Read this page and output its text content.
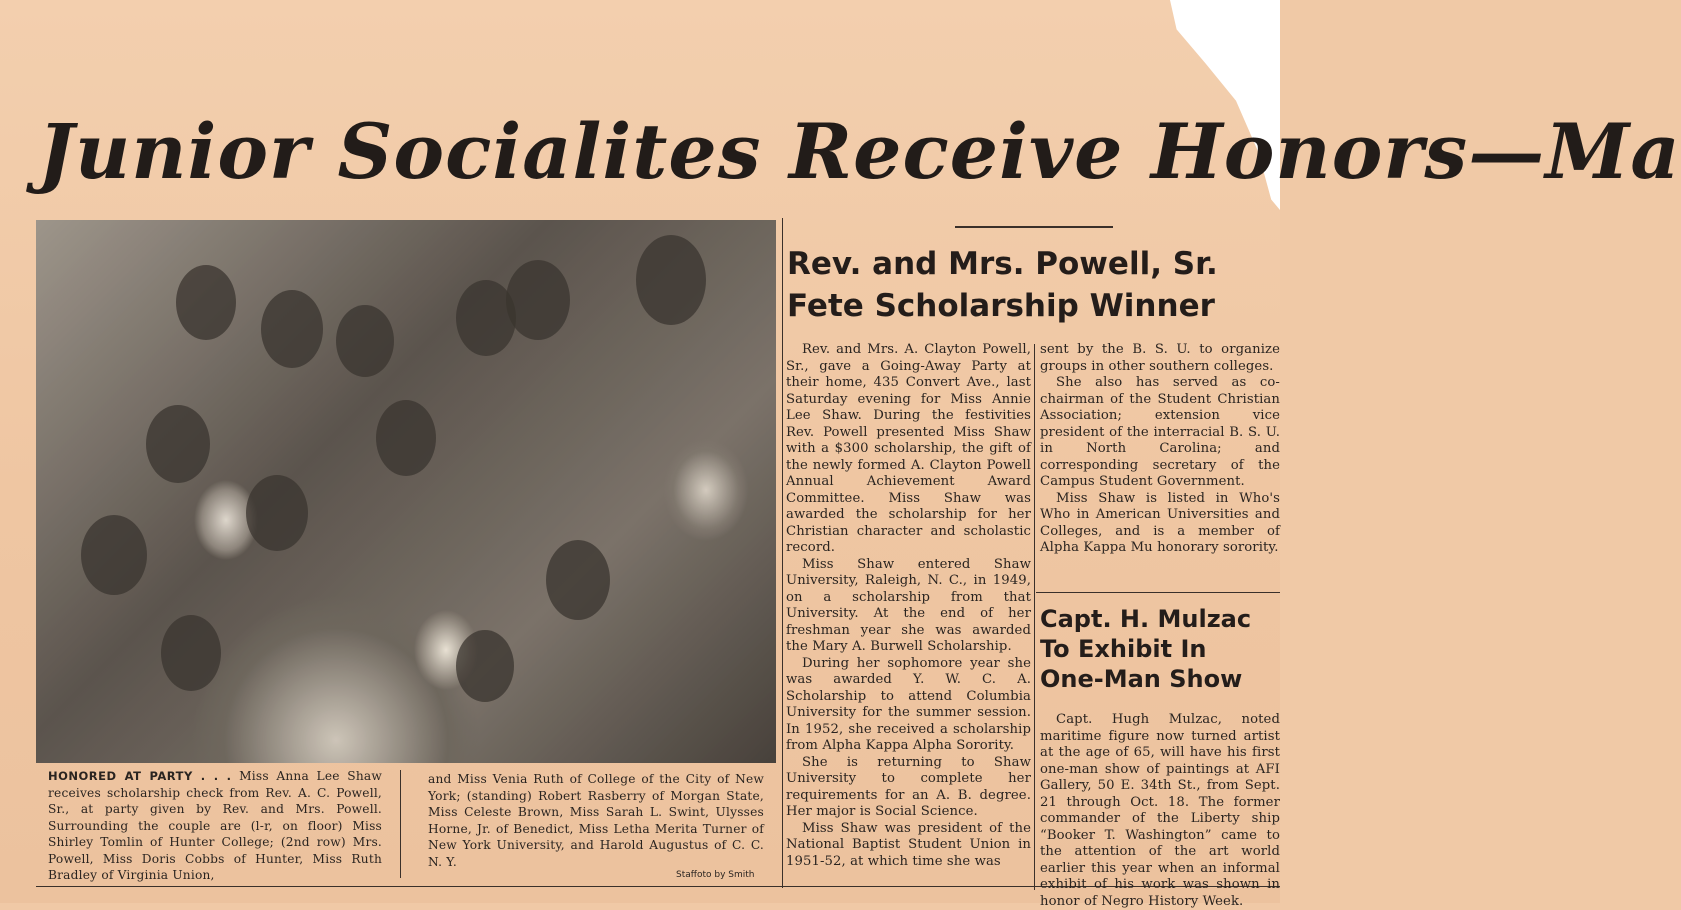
Junior Socialites Receive Honors—Ma
HONORED AT PARTY . . . Miss Anna Lee Shaw receives scholarship check from Rev. A. C. Powell, Sr., at party given by Rev. and Mrs. Powell. Surrounding the couple are (l-r, on floor) Miss Shirley Tomlin of Hunter College; (2nd row) Mrs. Powell, Miss Doris Cobbs of Hunter, Miss Ruth Bradley of Virginia Union,
and Miss Venia Ruth of College of the City of New York; (standing) Robert Rasberry of Morgan State, Miss Celeste Brown, Miss Sarah L. Swint, Ulysses Horne, Jr. of Benedict, Miss Letha Merita Turner of New York University, and Harold Augustus of C. C. N. Y.
Staffoto by Smith
Rev. and Mrs. Powell, Sr.
Fete Scholarship Winner

Rev. and Mrs. A. Clayton Powell, Sr., gave a Going-Away Party at their home, 435 Convert Ave., last Saturday evening for Miss Annie Lee Shaw. During the festivities Rev. Powell presented Miss Shaw with a $300 scholarship, the gift of the newly formed A. Clayton Powell Annual Achievement Award Committee. Miss Shaw was awarded the scholarship for her Christian character and scholastic record.

Miss Shaw entered Shaw University, Raleigh, N. C., in 1949, on a scholarship from that University. At the end of her freshman year she was awarded the Mary A. Burwell Scholarship.

During her sophomore year she was awarded Y. W. C. A. Scholarship to attend Columbia University for the summer session. In 1952, she received a scholarship from Alpha Kappa Alpha Sorority.

She is returning to Shaw University to complete her requirements for an A. B. degree. Her major is Social Science.

Miss Shaw was president of the National Baptist Student Union in 1951-52, at which time she was

sent by the B. S. U. to organize groups in other southern colleges.

She also has served as co-chairman of the Student Christian Association; extension vice president of the interracial B. S. U. in North Carolina; and corresponding secretary of the Campus Student Government.

Miss Shaw is listed in Who's Who in American Universities and Colleges, and is a member of Alpha Kappa Mu honorary sorority.

Capt. H. Mulzac
To Exhibit In
One-Man Show

Capt. Hugh Mulzac, noted maritime figure now turned artist at the age of 65, will have his first one-man show of paintings at AFI Gallery, 50 E. 34th St., from Sept. 21 through Oct. 18. The former commander of the Liberty ship “Booker T. Washington” came to the attention of the art world earlier this year when an informal exhibit of his work was shown in honor of Negro History Week.
